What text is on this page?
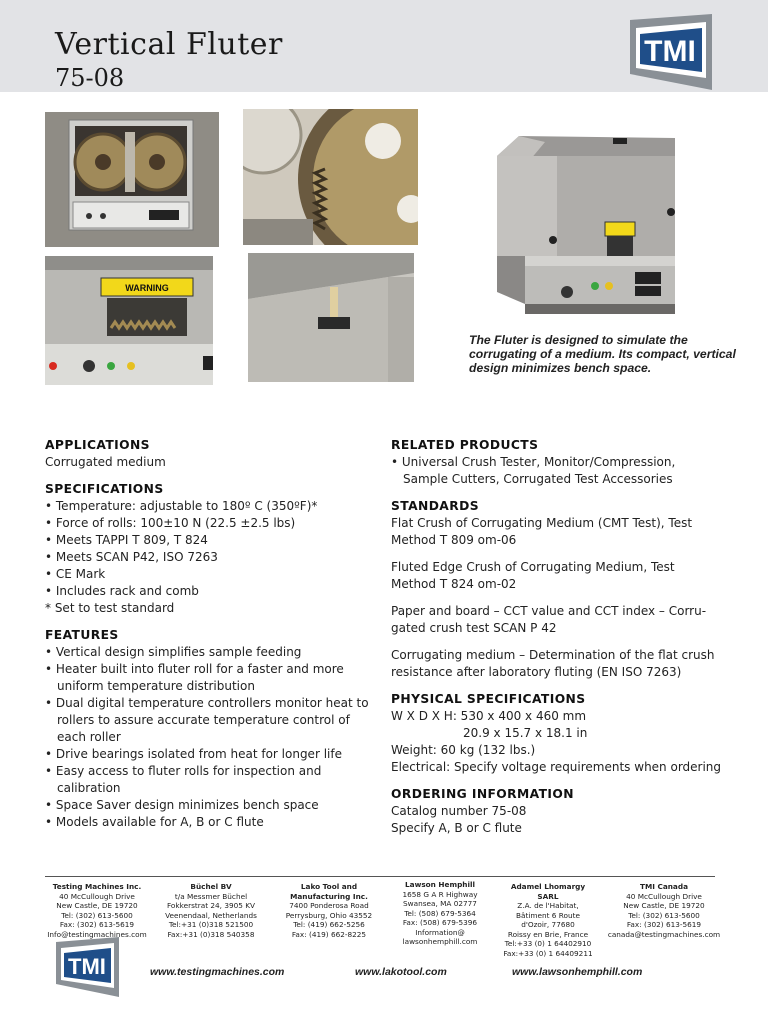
Vertical Fluter
75-08
TMI
WARNING
The Fluter is designed to simulate the corrugating of a medium. Its compact, vertical design minimizes bench space.
APPLICATIONS
Corrugated medium
SPECIFICATIONS
• Temperature: adjustable to 180º C (350ºF)*
• Force of rolls: 100±10 N (22.5 ±2.5 lbs)
• Meets TAPPI T 809, T 824
• Meets SCAN P42, ISO 7263
• CE Mark
• Includes rack and comb
* Set to test standard
FEATURES
• Vertical design simplifies sample feeding
• Heater built into fluter roll for a faster and more
uniform temperature distribution
• Dual digital temperature controllers monitor heat to
rollers to assure accurate temperature control of
each roller
• Drive bearings isolated from heat for longer life
• Easy access to fluter rolls for inspection and
calibration
• Space Saver design minimizes bench space
• Models available for A, B or C flute
RELATED PRODUCTS
• Universal Crush Tester, Monitor/Compression,
Sample Cutters, Corrugated Test Accessories
STANDARDS
Flat Crush of Corrugating Medium (CMT Test), Test
Method T 809 om-06
Fluted Edge Crush of Corrugating Medium, Test
Method T 824 om-02
Paper and board – CCT value and CCT index – Corru-
gated crush test SCAN P 42
Corrugating medium – Determination of the flat crush
resistance after laboratory fluting (EN ISO 7263)
PHYSICAL SPECIFICATIONS
W X D X H: 530 x 400 x 460 mm
20.9 x 15.7 x 18.1 in
Weight: 60 kg (132 lbs.)
Electrical: Specify voltage requirements when ordering
ORDERING INFORMATION
Catalog number 75-08
Specify A, B or C flute
Testing Machines Inc.
40 McCullough Drive
New Castle, DE 19720
Tel: (302) 613-5600
Fax: (302) 613-5619
Info@testingmachines.com
Büchel BV
t/a Messmer Büchel
Fokkerstrat 24, 3905 KV
Veenendaal, Netherlands
Tel:+31 (0)318 521500
Fax:+31 (0)318 540358
Lako Tool and
Manufacturing Inc.
7400 Ponderosa Road
Perrysburg, Ohio 43552
Tel: (419) 662-5256
Fax: (419) 662-8225
Lawson Hemphill
1658 G A R Highway
Swansea, MA 02777
Tel: (508) 679-5364
Fax: (508) 679-5396
Information@
lawsonhemphill.com
Adamel Lhomargy
SARL
Z.A. de l'Habitat,
Bâtiment 6 Route
d'Ozoir, 77680
Roissy en Brie, France
Tel:+33 (0) 1 64402910
Fax:+33 (0) 1 64409211
TMI Canada
40 McCullough Drive
New Castle, DE 19720
Tel: (302) 613-5600
Fax: (302) 613-5619
canada@testingmachines.com
TMI	www.testingmachines.com	www.lakotool.com	www.lawsonhemphill.com
